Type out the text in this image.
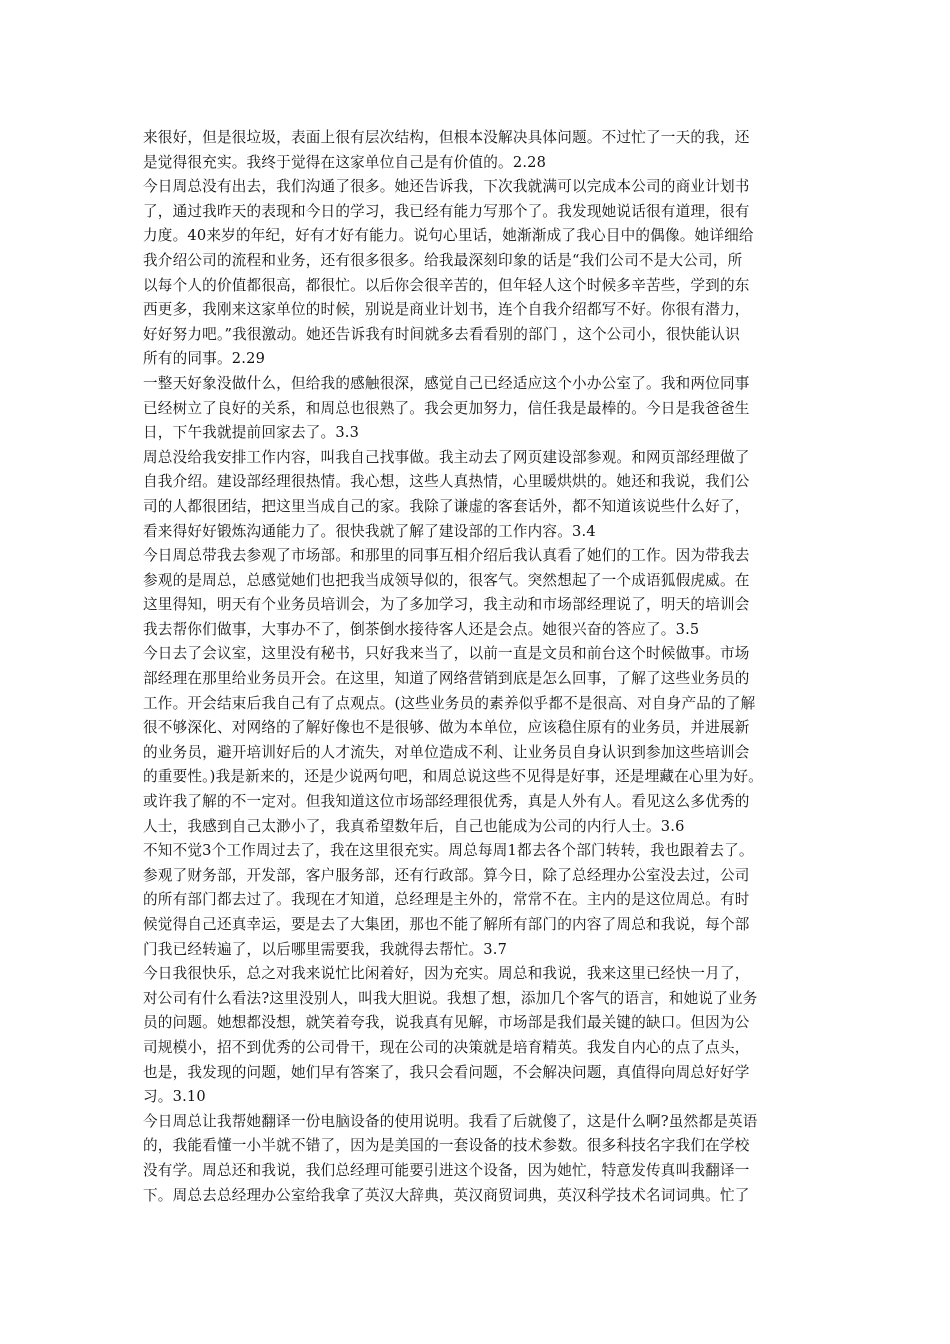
来很好，但是很垃圾，表面上很有层次结构，但根本没解决具体问题。不过忙了一天的我，还
是觉得很充实。我终于觉得在这家单位自己是有价值的。2.28
今日周总没有出去，我们沟通了很多。她还告诉我，下次我就满可以完成本公司的商业计划书
了，通过我昨天的表现和今日的学习，我已经有能力写那个了。我发现她说话很有道理，很有
力度。40来岁的年纪，好有才好有能力。说句心里话，她渐渐成了我心目中的偶像。她详细给
我介绍公司的流程和业务，还有很多很多。给我最深刻印象的话是“我们公司不是大公司，所
以每个人的价值都很高，都很忙。以后你会很辛苦的，但年轻人这个时候多辛苦些，学到的东
西更多，我刚来这家单位的时候，别说是商业计划书，连个自我介绍都写不好。你很有潜力，
好好努力吧。”我很激动。她还告诉我有时间就多去看看别的部门 ，这个公司小，很快能认识
所有的同事。2.29
一整天好象没做什么，但给我的感触很深，感觉自己已经适应这个小办公室了。我和两位同事
已经树立了良好的关系，和周总也很熟了。我会更加努力，信任我是最棒的。今日是我爸爸生
日，下午我就提前回家去了。3.3
周总没给我安排工作内容，叫我自己找事做。我主动去了网页建设部参观。和网页部经理做了
自我介绍。建设部经理很热情。我心想，这些人真热情，心里暖烘烘的。她还和我说，我们公
司的人都很团结，把这里当成自己的家。我除了谦虚的客套话外，都不知道该说些什么好了，
看来得好好锻炼沟通能力了。很快我就了解了建设部的工作内容。3.4
今日周总带我去参观了市场部。和那里的同事互相介绍后我认真看了她们的工作。因为带我去
参观的是周总，总感觉她们也把我当成领导似的，很客气。突然想起了一个成语狐假虎威。在
这里得知，明天有个业务员培训会，为了多加学习，我主动和市场部经理说了，明天的培训会
我去帮你们做事，大事办不了，倒茶倒水接待客人还是会点。她很兴奋的答应了。3.5
今日去了会议室，这里没有秘书，只好我来当了，以前一直是文员和前台这个时候做事。市场
部经理在那里给业务员开会。在这里，知道了网络营销到底是怎么回事，了解了这些业务员的
工作。开会结束后我自己有了点观点。(这些业务员的素养似乎都不是很高、对自身产品的了解
很不够深化、对网络的了解好像也不是很够、做为本单位，应该稳住原有的业务员，并进展新
的业务员，避开培训好后的人才流失，对单位造成不利、让业务员自身认识到参加这些培训会
的重要性。)我是新来的，还是少说两句吧，和周总说这些不见得是好事，还是埋藏在心里为好。
或许我了解的不一定对。但我知道这位市场部经理很优秀，真是人外有人。看见这么多优秀的
人士，我感到自己太渺小了，我真希望数年后，自己也能成为公司的内行人士。3.6
不知不觉3个工作周过去了，我在这里很充实。周总每周1都去各个部门转转，我也跟着去了。
参观了财务部，开发部，客户服务部，还有行政部。算今日，除了总经理办公室没去过，公司
的所有部门都去过了。我现在才知道，总经理是主外的，常常不在。主内的是这位周总。有时
候觉得自己还真幸运，要是去了大集团，那也不能了解所有部门的内容了周总和我说，每个部
门我已经转遍了，以后哪里需要我，我就得去帮忙。3.7
今日我很快乐，总之对我来说忙比闲着好，因为充实。周总和我说，我来这里已经快一月了，
对公司有什么看法?这里没别人，叫我大胆说。我想了想，添加几个客气的语言，和她说了业务
员的问题。她想都没想，就笑着夸我，说我真有见解，市场部是我们最关键的缺口。但因为公
司规模小，招不到优秀的公司骨干，现在公司的决策就是培育精英。我发自内心的点了点头，
也是，我发现的问题，她们早有答案了，我只会看问题，不会解决问题，真值得向周总好好学
习。3.10
今日周总让我帮她翻译一份电脑设备的使用说明。我看了后就傻了，这是什么啊?虽然都是英语
的，我能看懂一小半就不错了，因为是美国的一套设备的技术参数。很多科技名字我们在学校
没有学。周总还和我说，我们总经理可能要引进这个设备，因为她忙，特意发传真叫我翻译一
下。周总去总经理办公室给我拿了英汉大辞典，英汉商贸词典，英汉科学技术名词词典。忙了
